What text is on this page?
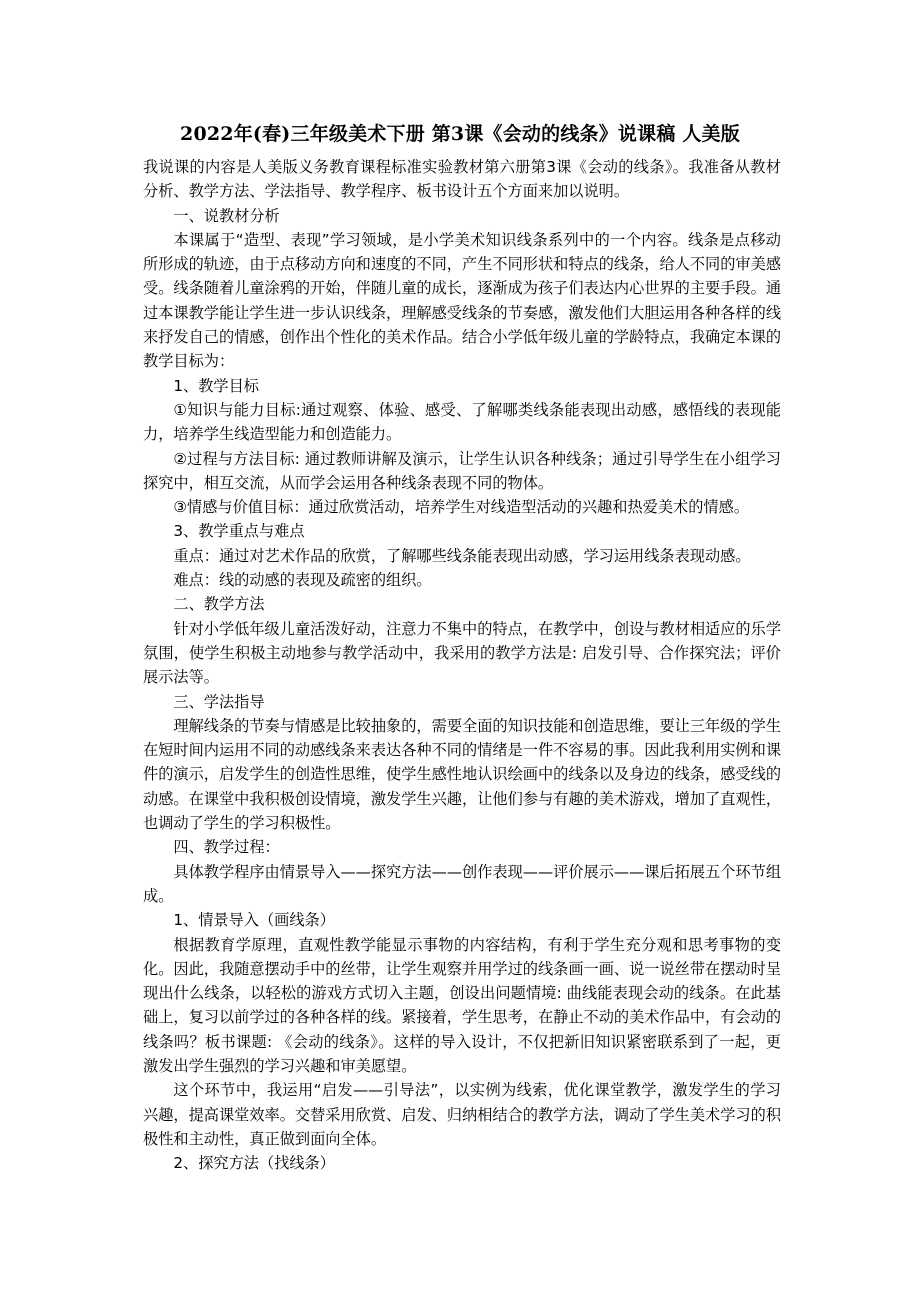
2022年(春)三年级美术下册 第3课《会动的线条》说课稿 人美版

我说课的内容是人美版义务教育课程标准实验教材第六册第3课《会动的线条》。我准备从教材分析、教学方法、学法指导、教学程序、板书设计五个方面来加以说明。

一、说教材分析

本课属于“造型、表现”学习领域，是小学美术知识线条系列中的一个内容。线条是点移动所形成的轨迹，由于点移动方向和速度的不同，产生不同形状和特点的线条，给人不同的审美感受。线条随着儿童涂鸦的开始，伴随儿童的成长，逐渐成为孩子们表达内心世界的主要手段。通过本课教学能让学生进一步认识线条，理解感受线条的节奏感，激发他们大胆运用各种各样的线来抒发自己的情感，创作出个性化的美术作品。结合小学低年级儿童的学龄特点，我确定本课的教学目标为：

1、教学目标

①知识与能力目标:通过观察、体验、感受、了解哪类线条能表现出动感，感悟线的表现能力，培养学生线造型能力和创造能力。

②过程与方法目标: 通过教师讲解及演示，让学生认识各种线条；通过引导学生在小组学习探究中，相互交流，从而学会运用各种线条表现不同的物体。

③情感与价值目标：通过欣赏活动，培养学生对线造型活动的兴趣和热爱美术的情感。

3、教学重点与难点

重点：通过对艺术作品的欣赏，了解哪些线条能表现出动感，学习运用线条表现动感。

难点：线的动感的表现及疏密的组织。

二、教学方法

针对小学低年级儿童活泼好动，注意力不集中的特点，在教学中，创设与教材相适应的乐学氛围，使学生积极主动地参与教学活动中，我采用的教学方法是: 启发引导、合作探究法；评价展示法等。

三、学法指导

理解线条的节奏与情感是比较抽象的，需要全面的知识技能和创造思维，要让三年级的学生在短时间内运用不同的动感线条来表达各种不同的情绪是一件不容易的事。因此我利用实例和课件的演示，启发学生的创造性思维，使学生感性地认识绘画中的线条以及身边的线条，感受线的动感。在课堂中我积极创设情境，激发学生兴趣，让他们参与有趣的美术游戏，增加了直观性，也调动了学生的学习积极性。

四、教学过程：

具体教学程序由情景导入——探究方法——创作表现——评价展示——课后拓展五个环节组成。

1、情景导入（画线条）

根据教育学原理，直观性教学能显示事物的内容结构，有利于学生充分观和思考事物的变化。因此，我随意摆动手中的丝带，让学生观察并用学过的线条画一画、说一说丝带在摆动时呈现出什么线条，以轻松的游戏方式切入主题，创设出问题情境: 曲线能表现会动的线条。在此基础上，复习以前学过的各种各样的线。紧接着，学生思考，在静止不动的美术作品中，有会动的线条吗？板书课题: 《会动的线条》。这样的导入设计，不仅把新旧知识紧密联系到了一起，更激发出学生强烈的学习兴趣和审美愿望。

这个环节中，我运用“启发——引导法”，以实例为线索，优化课堂教学，激发学生的学习兴趣，提高课堂效率。交替采用欣赏、启发、归纳相结合的教学方法，调动了学生美术学习的积极性和主动性，真正做到面向全体。

2、探究方法（找线条）
